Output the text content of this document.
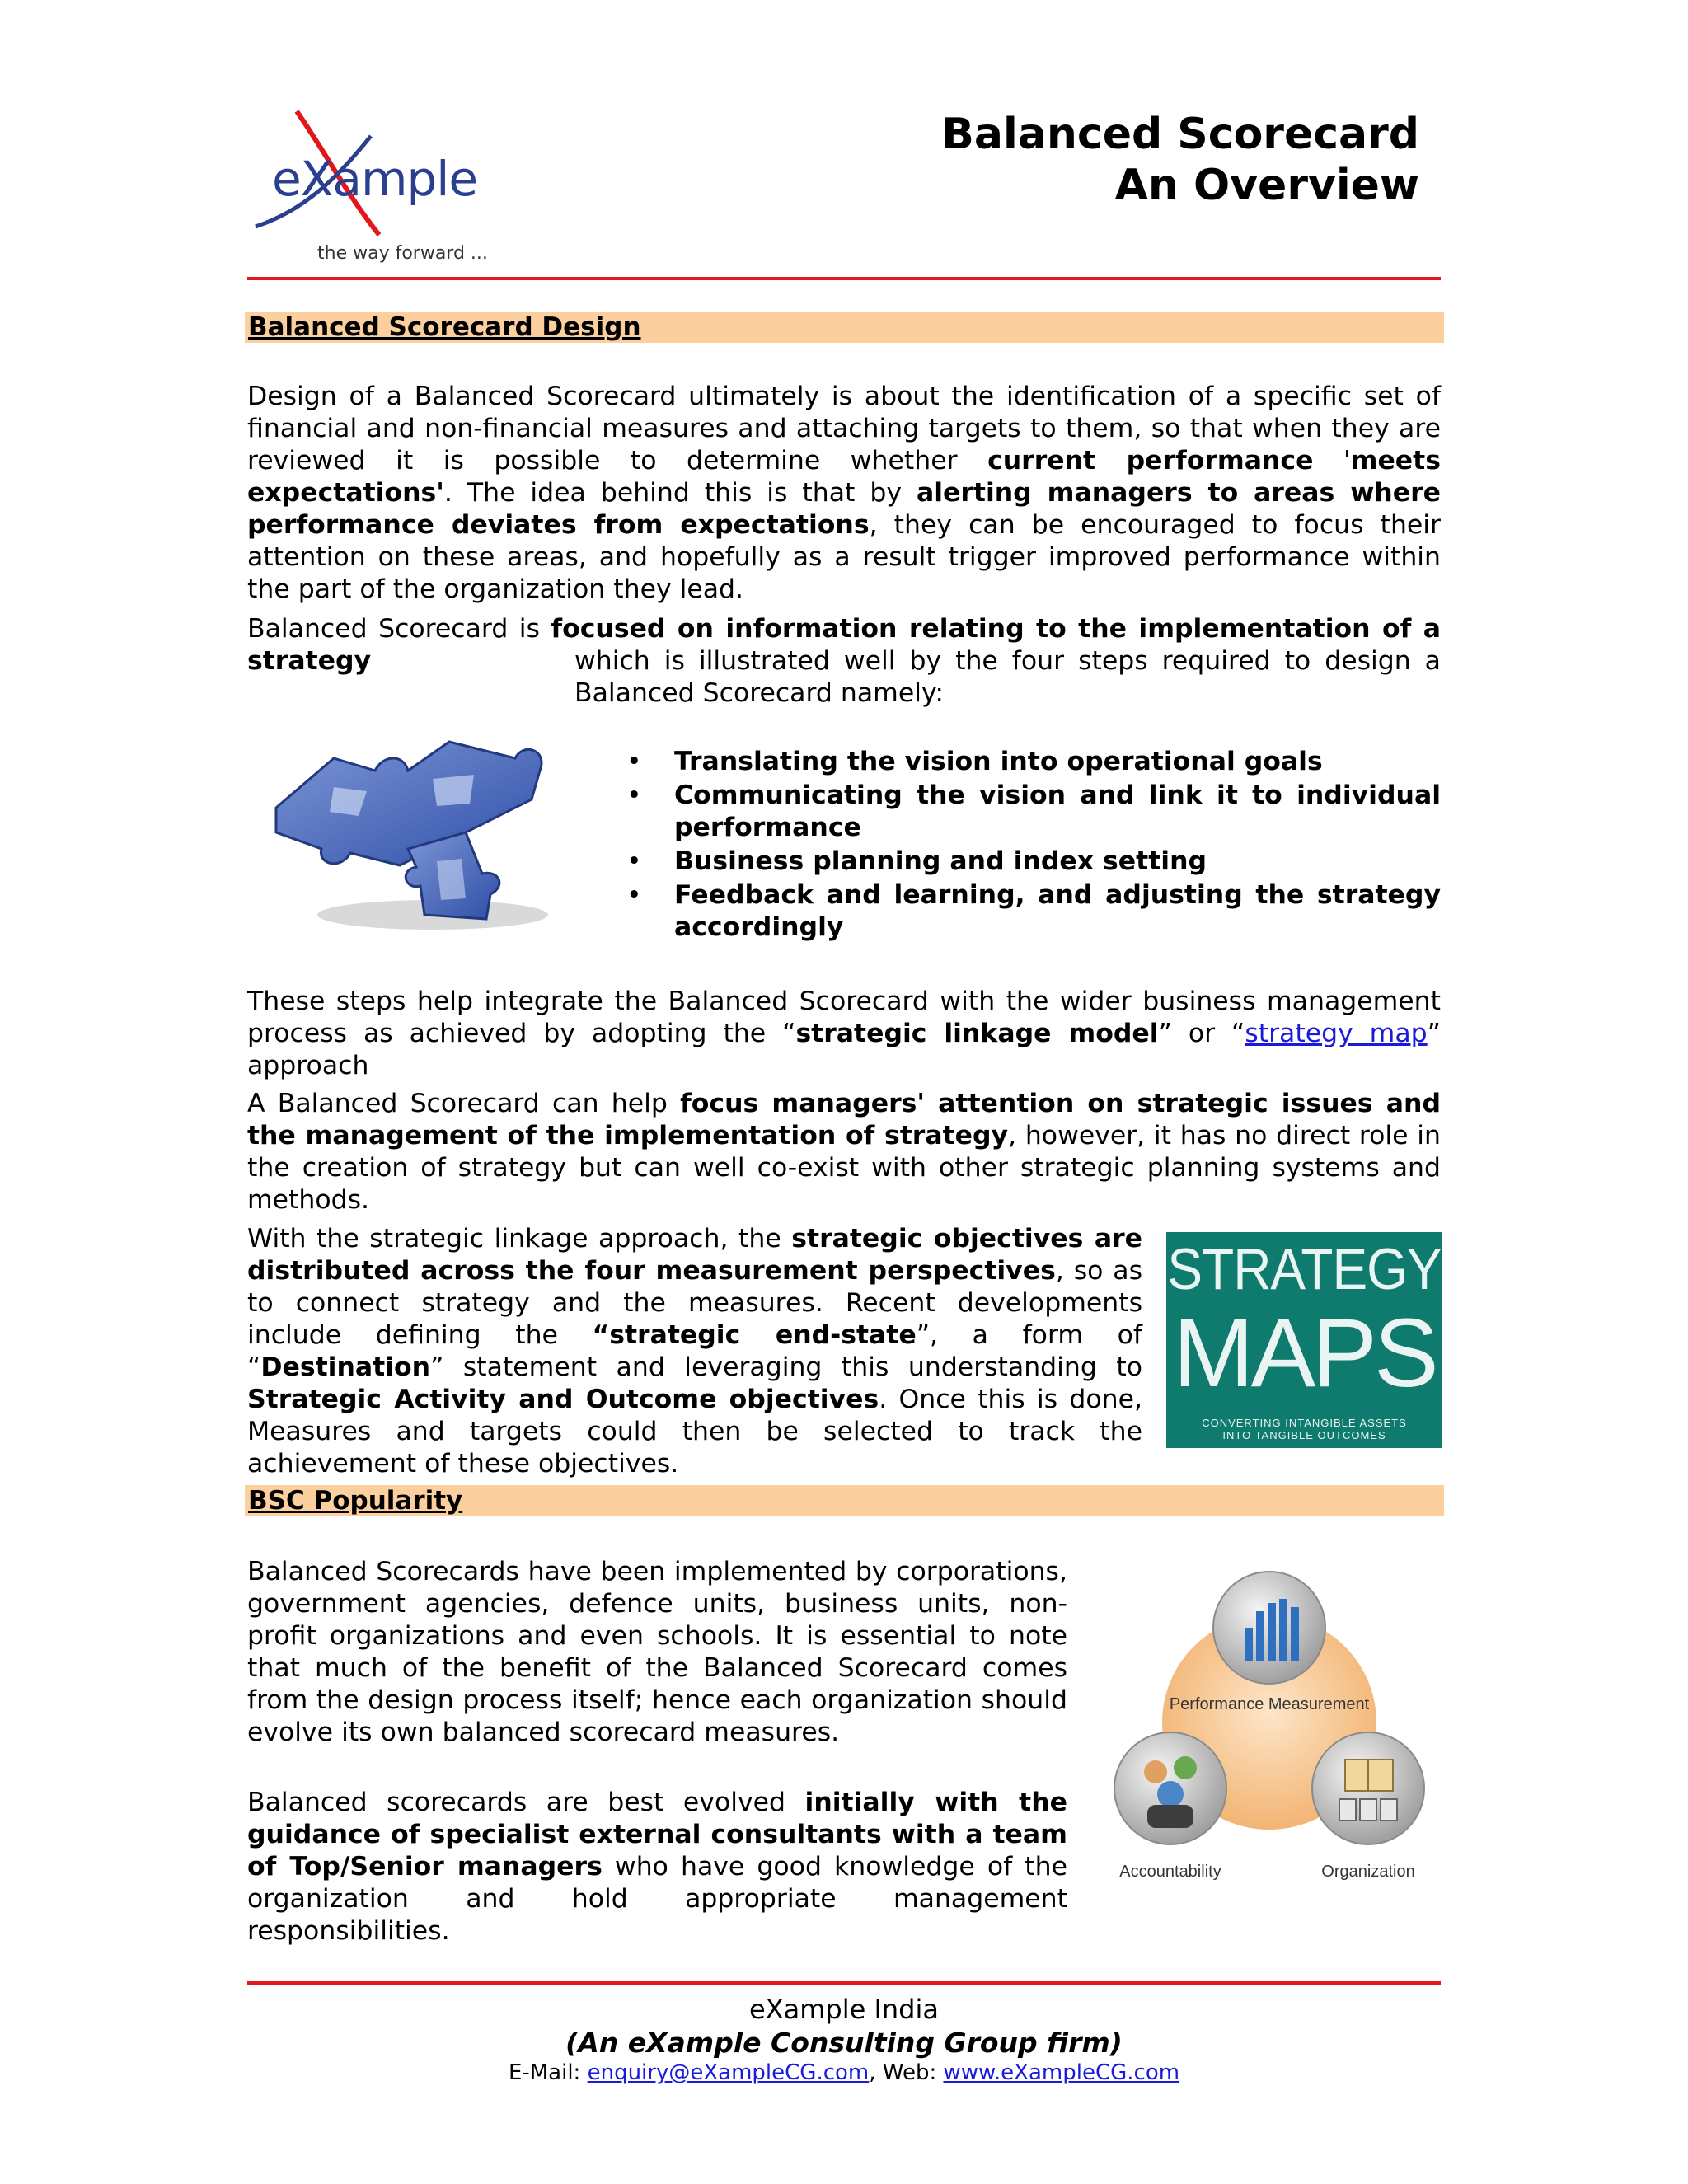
eXample
the way forward ...
Balanced Scorecard
An Overview
Balanced Scorecard Design
Design of a Balanced Scorecard ultimately is about the identification of a specific set of financial and non-financial measures and attaching targets to them, so that when they are reviewed it is possible to determine whether current performance 'meets expectations'. The idea behind this is that by alerting managers to areas where performance deviates from expectations, they can be encouraged to focus their attention on these areas, and hopefully as a result trigger improved performance within the part of the organization they lead.
Balanced Scorecard is focused on information relating to the implementation of a strategy	which is illustrated well by the four steps required to design a Balanced Scorecard namely:
• Translating the vision into operational goals
• Communicating the vision and link it to individual performance
• Business planning and index setting
• Feedback and learning, and adjusting the strategy accordingly
These steps help integrate the Balanced Scorecard with the wider business management process as achieved by adopting the “strategic linkage model” or “strategy map” approach
A Balanced Scorecard can help focus managers' attention on strategic issues and the management of the implementation of strategy, however, it has no direct role in the creation of strategy but can well co-exist with other strategic planning systems and methods.
With the strategic linkage approach, the strategic objectives are distributed across the four measurement perspectives, so as to connect strategy and the measures. Recent developments include defining the “strategic end-state”, a form of “Destination” statement and leveraging this understanding to Strategic Activity and Outcome objectives. Once this is done, Measures and targets could then be selected to track the achievement of these objectives.
STRATEGY
MAPS
CONVERTING INTANGIBLE ASSETS
INTO TANGIBLE OUTCOMES
BSC Popularity
Balanced Scorecards have been implemented by corporations, government agencies, defence units, business units, non-profit organizations and even schools. It is essential to note that much of the benefit of the Balanced Scorecard comes from the design process itself; hence each organization should evolve its own balanced scorecard measures.
Balanced scorecards are best evolved initially with the guidance of specialist external consultants with a team of Top/Senior managers who have good knowledge of the organization and hold appropriate management responsibilities.
Performance Measurement
Accountability	Organization
eXample India
(An eXample Consulting Group firm)
E-Mail: enquiry@eXampleCG.com, Web: www.eXampleCG.com
